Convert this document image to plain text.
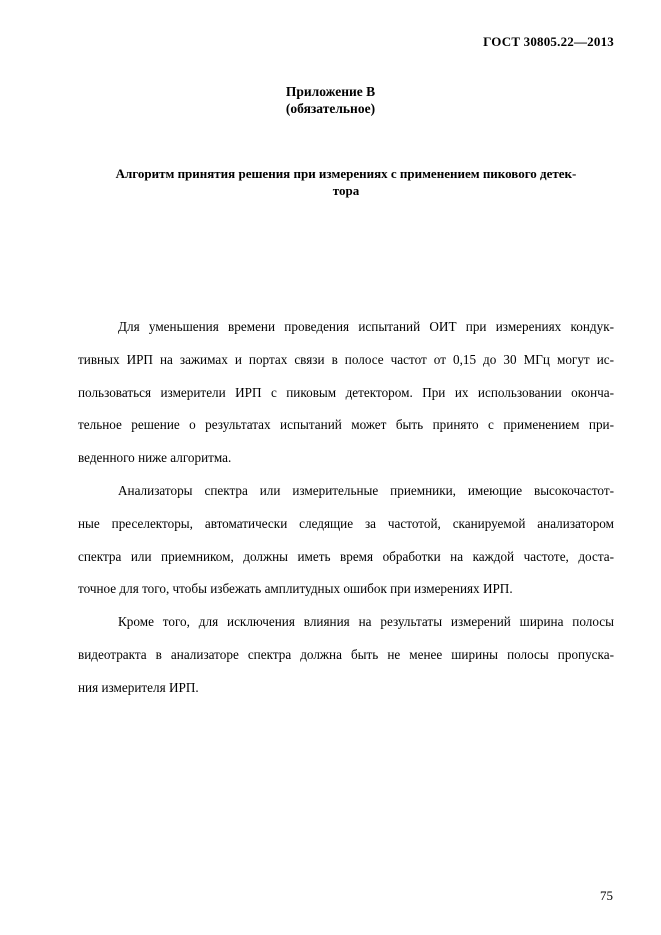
ГОСТ 30805.22—2013
Приложение В
(обязательное)
Алгоритм принятия решения при измерениях с применением пикового детек-
тора
Для уменьшения времени проведения испытаний ОИТ при измерениях кондук-
тивных ИРП на зажимах и портах связи в полосе частот от 0,15 до 30 МГц могут ис-
пользоваться измерители ИРП с пиковым детектором. При их использовании оконча-
тельное решение о результатах испытаний может быть принято с применением при-
веденного ниже алгоритма.
Анализаторы спектра или измерительные приемники, имеющие высокочастот-
ные преселекторы, автоматически следящие за частотой, сканируемой анализатором
спектра или приемником, должны иметь время обработки на каждой частоте, доста-
точное для того, чтобы избежать амплитудных ошибок при измерениях ИРП.
Кроме того, для исключения влияния на результаты измерений ширина полосы
видеотракта в анализаторе спектра должна быть не менее ширины полосы пропуска-
ния измерителя ИРП.
75
